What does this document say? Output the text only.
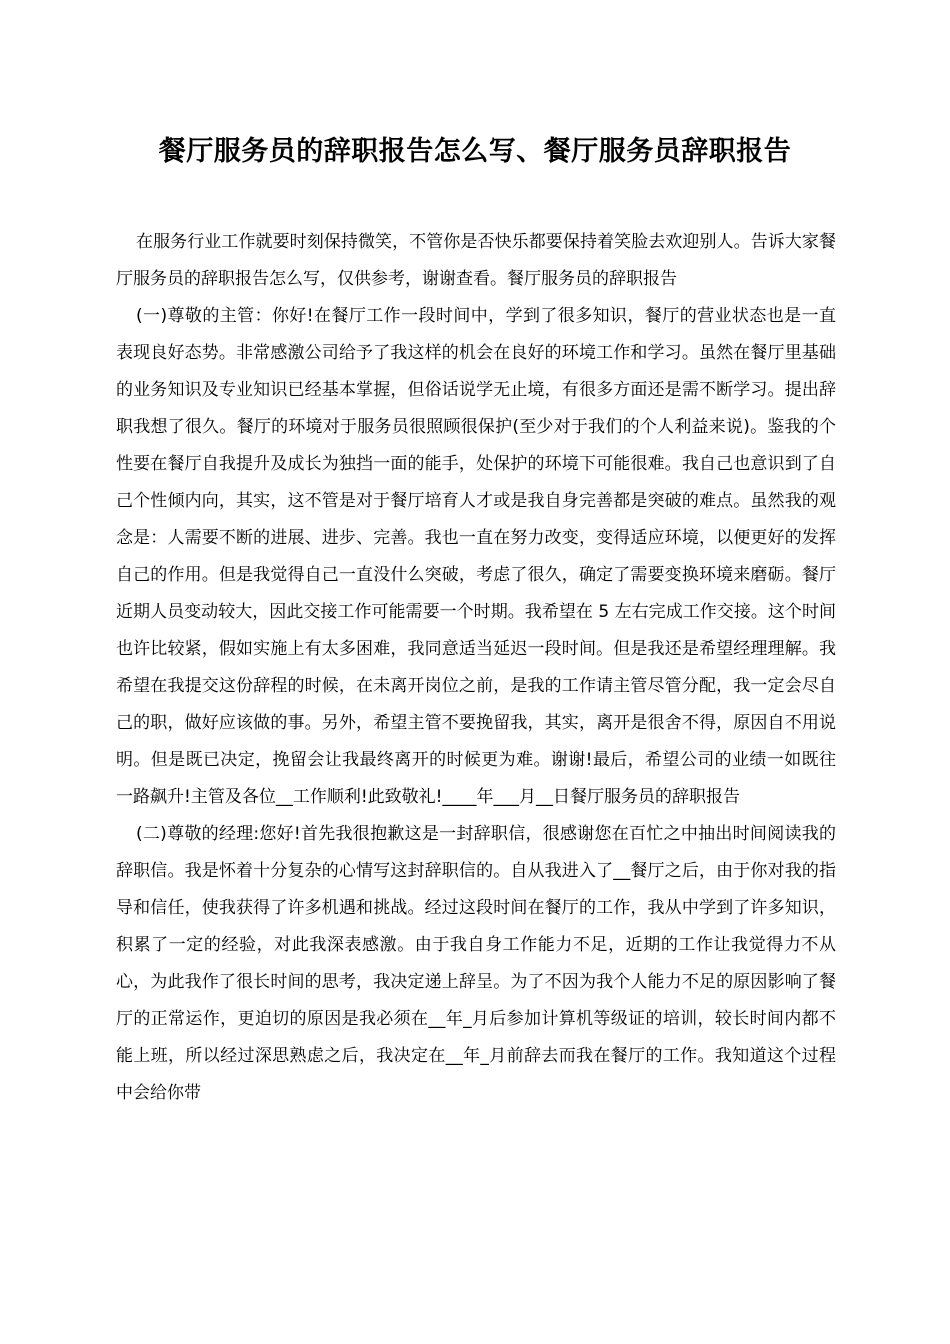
餐厅服务员的辞职报告怎么写、餐厅服务员辞职报告

在服务行业工作就要时刻保持微笑，不管你是否快乐都要保持着笑脸去欢迎别人。告诉大家餐厅服务员的辞职报告怎么写，仅供参考，谢谢查看。餐厅服务员的辞职报告

(一)尊敬的主管：你好!在餐厅工作一段时间中，学到了很多知识，餐厅的营业状态也是一直表现良好态势。非常感激公司给予了我这样的机会在良好的环境工作和学习。虽然在餐厅里基础的业务知识及专业知识已经基本掌握，但俗话说学无止境，有很多方面还是需不断学习。提出辞职我想了很久。餐厅的环境对于服务员很照顾很保护(至少对于我们的个人利益来说)。鉴我的个性要在餐厅自我提升及成长为独挡一面的能手，处保护的环境下可能很难。我自己也意识到了自己个性倾内向，其实，这不管是对于餐厅培育人才或是我自身完善都是突破的难点。虽然我的观念是：人需要不断的进展、进步、完善。我也一直在努力改变，变得适应环境，以便更好的发挥自己的作用。但是我觉得自己一直没什么突破，考虑了很久，确定了需要变换环境来磨砺。餐厅近期人员变动较大，因此交接工作可能需要一个时期。我希望在 5 左右完成工作交接。这个时间也许比较紧，假如实施上有太多困难，我同意适当延迟一段时间。但是我还是希望经理理解。我希望在我提交这份辞程的时候，在未离开岗位之前，是我的工作请主管尽管分配，我一定会尽自己的职，做好应该做的事。另外，希望主管不要挽留我，其实，离开是很舍不得，原因自不用说明。但是既已决定，挽留会让我最终离开的时候更为难。谢谢!最后，希望公司的业绩一如既往一路飙升!主管及各位__工作顺利!此致敬礼!____年___月__日餐厅服务员的辞职报告

(二)尊敬的经理:您好!首先我很抱歉这是一封辞职信，很感谢您在百忙之中抽出时间阅读我的辞职信。我是怀着十分复杂的心情写这封辞职信的。自从我进入了__餐厅之后，由于你对我的指导和信任，使我获得了许多机遇和挑战。经过这段时间在餐厅的工作，我从中学到了许多知识，积累了一定的经验，对此我深表感激。由于我自身工作能力不足，近期的工作让我觉得力不从心，为此我作了很长时间的思考，我决定递上辞呈。为了不因为我个人能力不足的原因影响了餐厅的正常运作，更迫切的原因是我必须在__年_月后参加计算机等级证的培训，较长时间内都不能上班，所以经过深思熟虑之后，我决定在__年_月前辞去而我在餐厅的工作。我知道这个过程中会给你带
